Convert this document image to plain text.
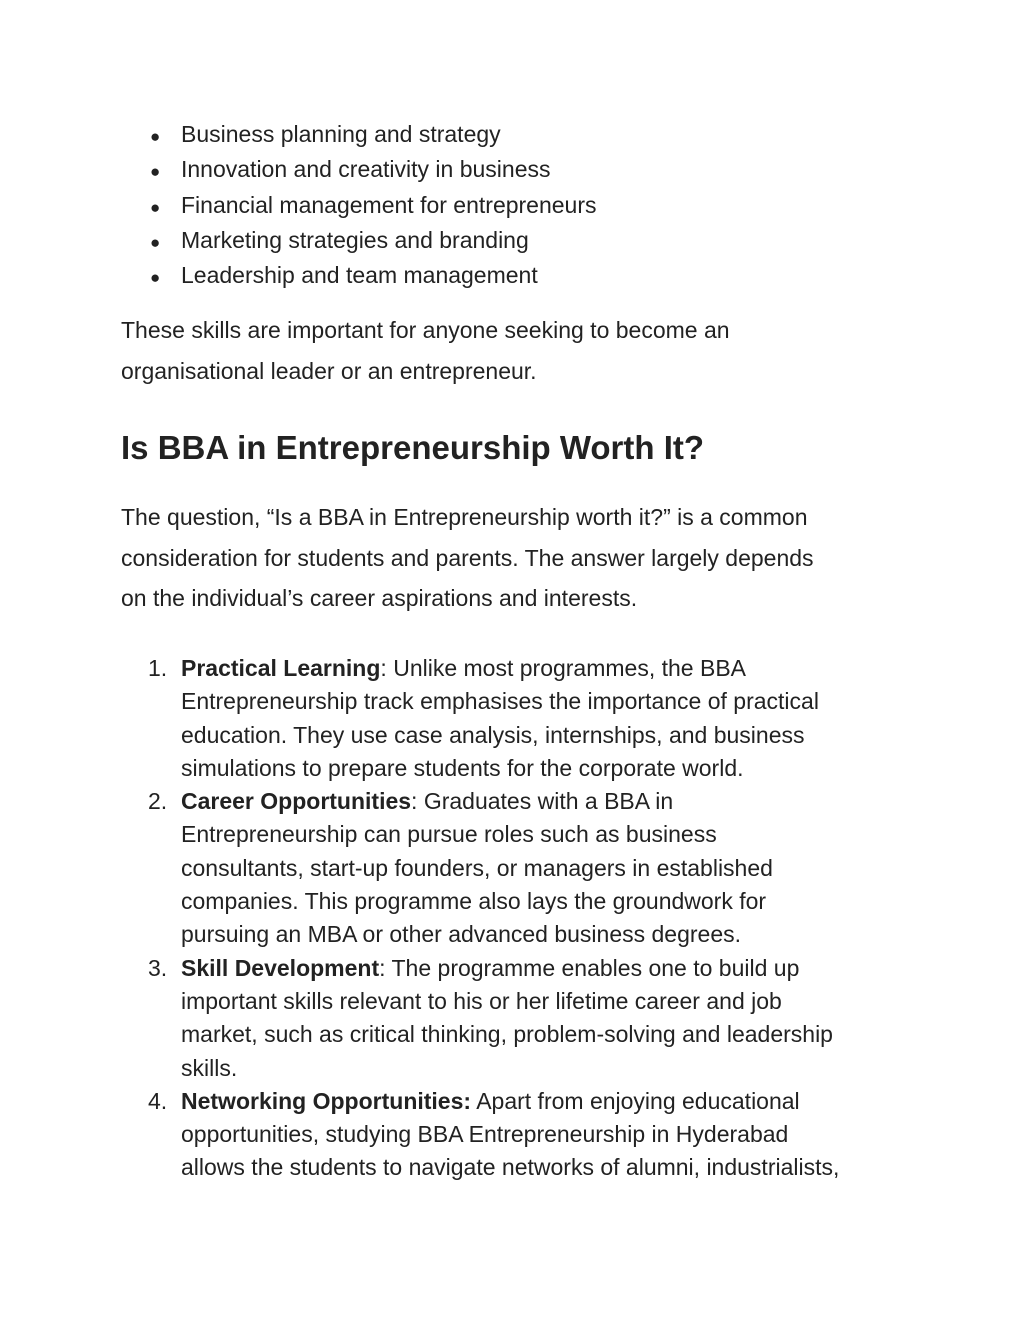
● Business planning and strategy
● Innovation and creativity in business
● Financial management for entrepreneurs
● Marketing strategies and branding
● Leadership and team management

These skills are important for anyone seeking to become an
organisational leader or an entrepreneur.

Is BBA in Entrepreneurship Worth It?

The question, “Is a BBA in Entrepreneurship worth it?” is a common
consideration for students and parents. The answer largely depends
on the individual’s career aspirations and interests.

1. Practical Learning: Unlike most programmes, the BBA
Entrepreneurship track emphasises the importance of practical
education. They use case analysis, internships, and business
simulations to prepare students for the corporate world.
2. Career Opportunities: Graduates with a BBA in
Entrepreneurship can pursue roles such as business
consultants, start-up founders, or managers in established
companies. This programme also lays the groundwork for
pursuing an MBA or other advanced business degrees.
3. Skill Development: The programme enables one to build up
important skills relevant to his or her lifetime career and job
market, such as critical thinking, problem-solving and leadership
skills.
4. Networking Opportunities: Apart from enjoying educational
opportunities, studying BBA Entrepreneurship in Hyderabad
allows the students to navigate networks of alumni, industrialists,
